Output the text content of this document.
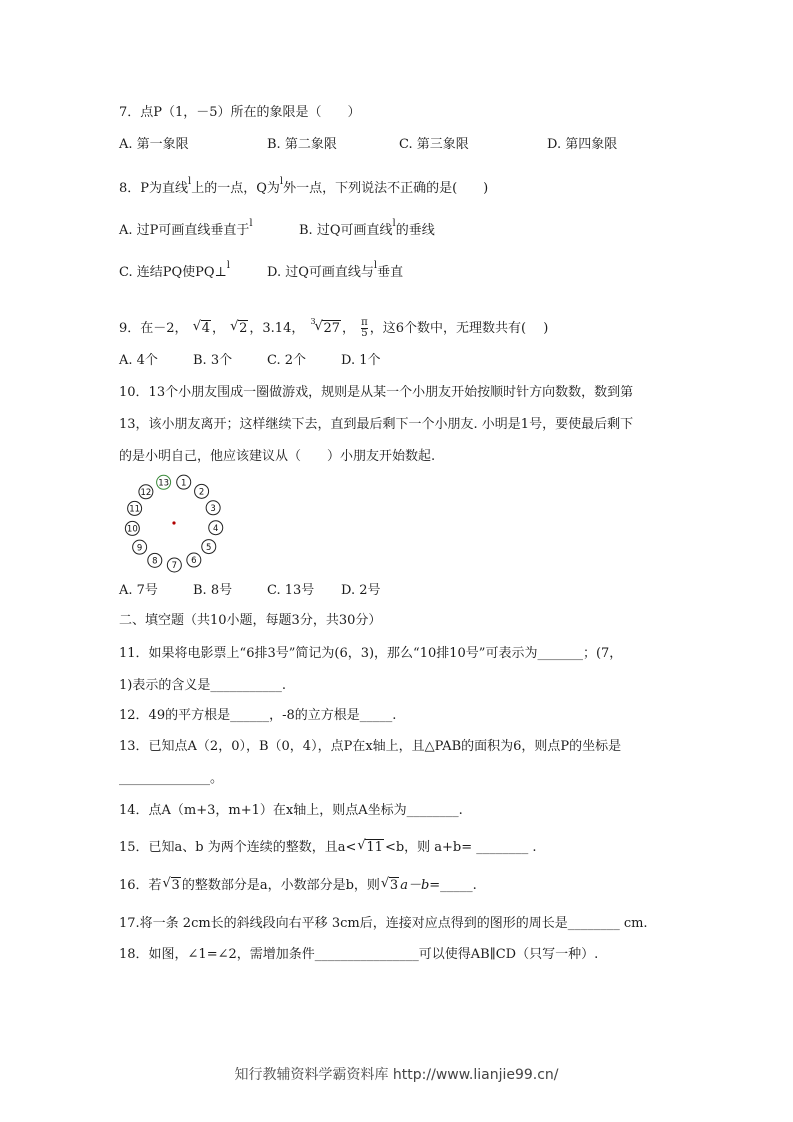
7．点P（1，－5）所在的象限是（　　）
A. 第一象限	B. 第二象限	C. 第三象限	D. 第四象限
8．P为直线$^l$上的一点，Q为$^l$外一点，下列说法不正确的是(　　)
A. 过P可画直线垂直于$^l$	B. 过Q可画直线$^l$的垂线
C. 连结PQ使PQ⊥$^l$	D. 过Q可画直线与$^l$垂直
9．在－2， √ 4 ， √ 2 ，3.14， 3
√ 27 ， $\frac{\pi}{5}$ ，这6个数中，无理数共有(　 )
A. 4个	B. 3个	C. 2个	D. 1个
10．13个小朋友围成一圈做游戏，规则是从某一个小朋友开始按顺时针方向数数，数到第
13，该小朋友离开；这样继续下去，直到最后剩下一个小朋友. 小明是1号，要使最后剩下
的是小明自己，他应该建议从（　　）小朋友开始数起.
13 1
2
3
4
5
6
7
8
9
10
11
12
A. 7号	B. 8号	C. 13号 D. 2号
二、填空题（共10小题，每题3分，共30分）
11．如果将电影票上“6排3号”简记为(6，3)，那么“10排10号”可表示为_______；(7，
1)表示的含义是___________.
12．49的平方根是______，-8的立方根是_____.
13．已知点A（2，0），B（0，4），点P在x轴上，且△PAB的面积为6，则点P的坐标是
______________。
14．点A（m+3，m+1）在x轴上，则点A坐标为________.
15．已知a、b 为两个连续的整数，且a< √ 11 <b，则 a+b= ________ .
16．若 √ 3 的整数部分是a，小数部分是b，则 √ 3 a－b=_____.
17.将一条 2cm长的斜线段向右平移 3cm后，连接对应点得到的图形的周长是________ cm.
18．如图，∠1=∠2，需增加条件________________可以使得AB∥CD（只写一种）.
知行教辅资料学霸资料库 http://www.lianjie99.cn/
